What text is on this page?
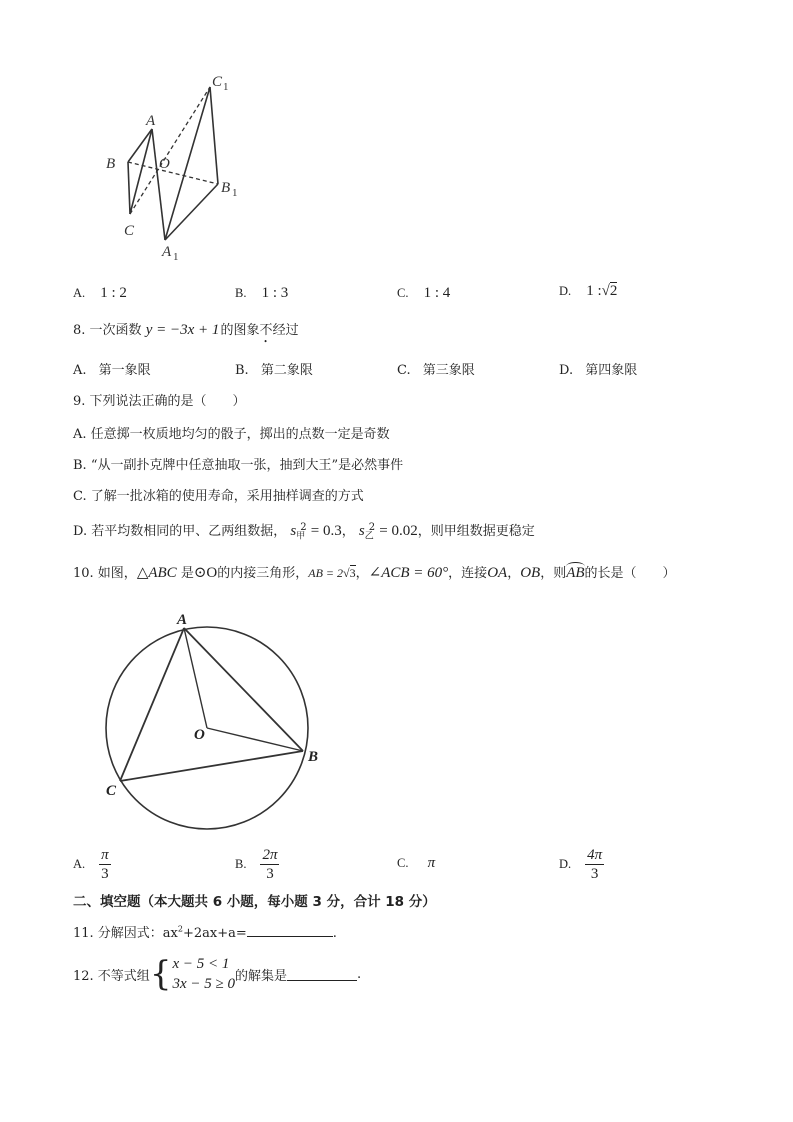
A
B
C
O
C
B
A
1
1
1
A. 1 : 2	B. 1 : 3	C. 1 : 4	D. 1 :√2
8. 一次函数 y = −3x + 1 的图象不经过
A. 第一象限	B. 第二象限	C. 第三象限	D. 第四象限
9. 下列说法正确的是（　　）
A. 任意掷一枚质地均匀的骰子，掷出的点数一定是奇数
B. “从一副扑克牌中任意抽取一张，抽到大王”是必然事件
C. 了解一批冰箱的使用寿命，采用抽样调查的方式
D. 若平均数相同的甲、乙两组数据， $s_甲^2 = 0.3$， $s_乙^2 = 0.02$，则甲组数据更稳定
10. 如图，△ABC 是⊙O的内接三角形，AB = 2√3，∠ACB = 60°，连接OA，OB，则
AB的长是（　　）
A
B
C
O
A. $\frac{\pi}{3}$	B. $\frac{2\pi}{3}$	C. π	D. $\frac{4\pi}{3}$
二、填空题（本大题共 6 小题，每小题 3 分，合计 18 分）
11. 分解因式：$ax^2+2ax+a=$	.
12. 不等式组 { x − 5 < 1
3x − 5 ≥ 0 的解集是	.
